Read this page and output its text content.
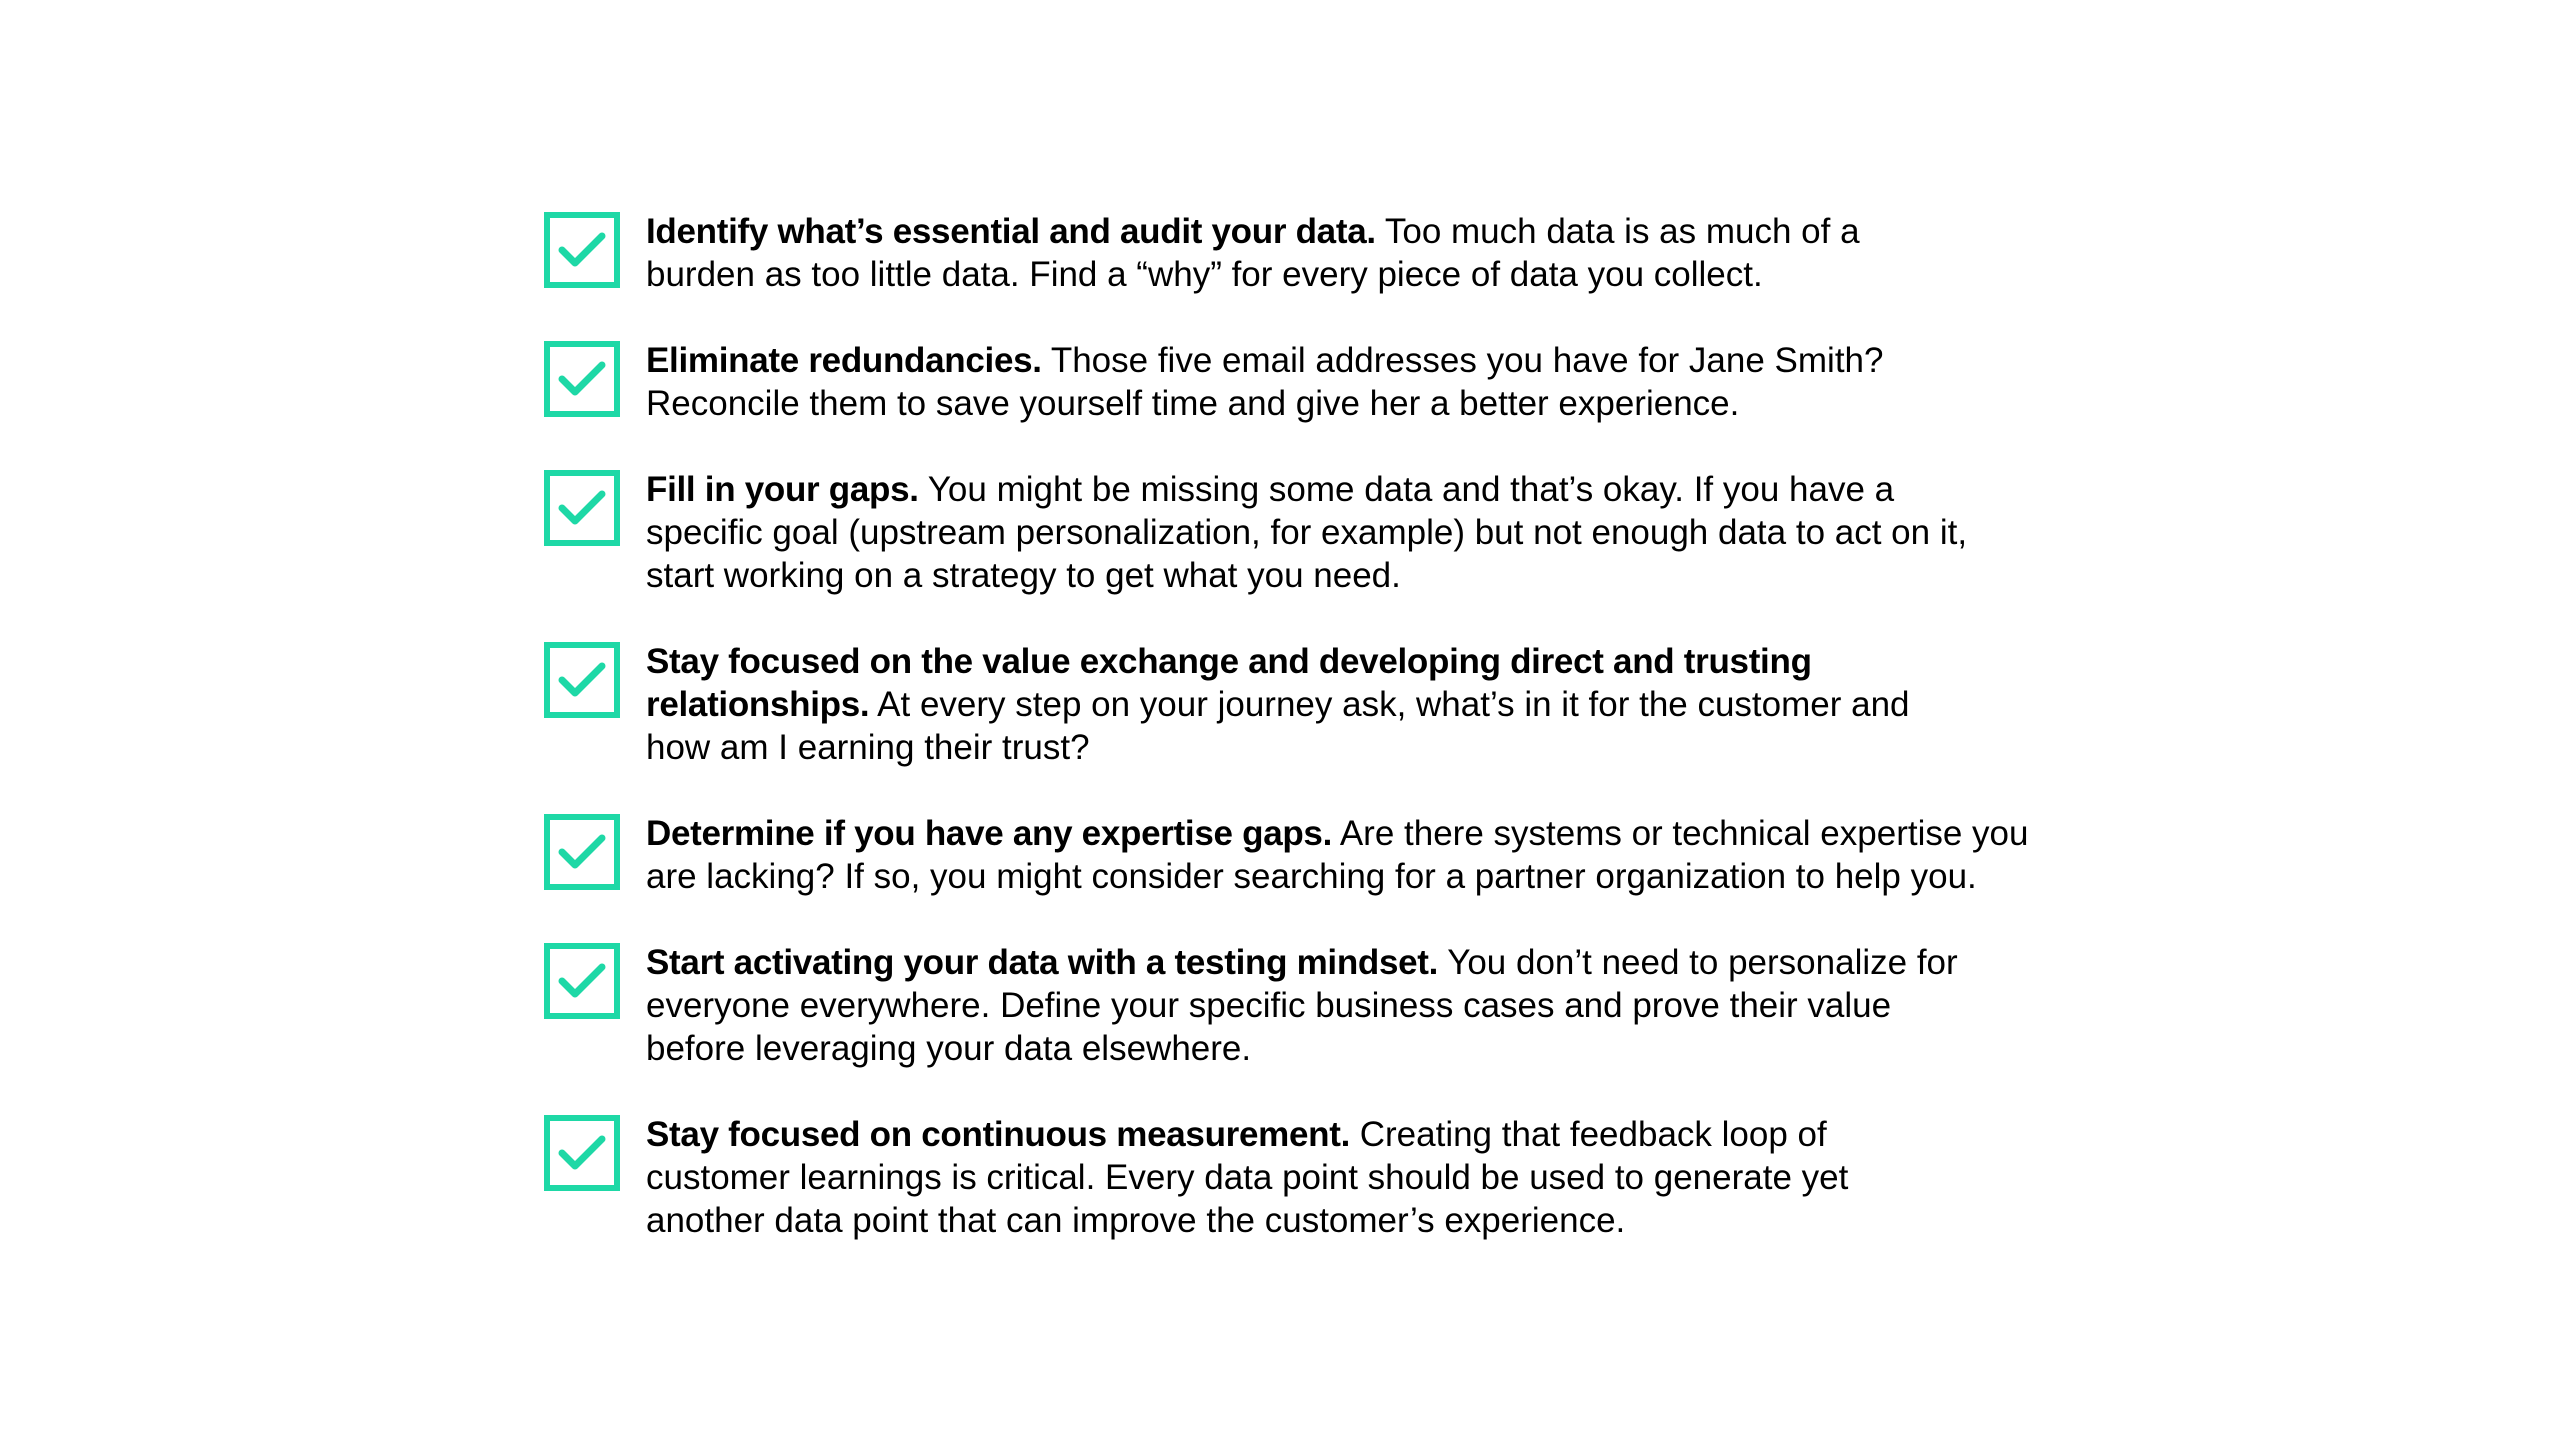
Identify what’s essential and audit your data. Too much data is as much of a burden as too little data. Find a “why” for every piece of data you collect.
Eliminate redundancies. Those five email addresses you have for Jane Smith? Reconcile them to save yourself time and give her a better experience.
Fill in your gaps. You might be missing some data and that’s okay. If you have a specific goal (upstream personalization, for example) but not enough data to act on it, start working on a strategy to get what you need.
Stay focused on the value exchange and developing direct and trusting relationships. At every step on your journey ask, what’s in it for the customer and how am I earning their trust?
Determine if you have any expertise gaps. Are there systems or technical expertise you are lacking? If so, you might consider searching for a partner organization to help you.
Start activating your data with a testing mindset. You don’t need to personalize for everyone everywhere. Define your specific business cases and prove their value before leveraging your data elsewhere.
Stay focused on continuous measurement. Creating that feedback loop of customer learnings is critical. Every data point should be used to generate yet another data point that can improve the customer’s experience.
